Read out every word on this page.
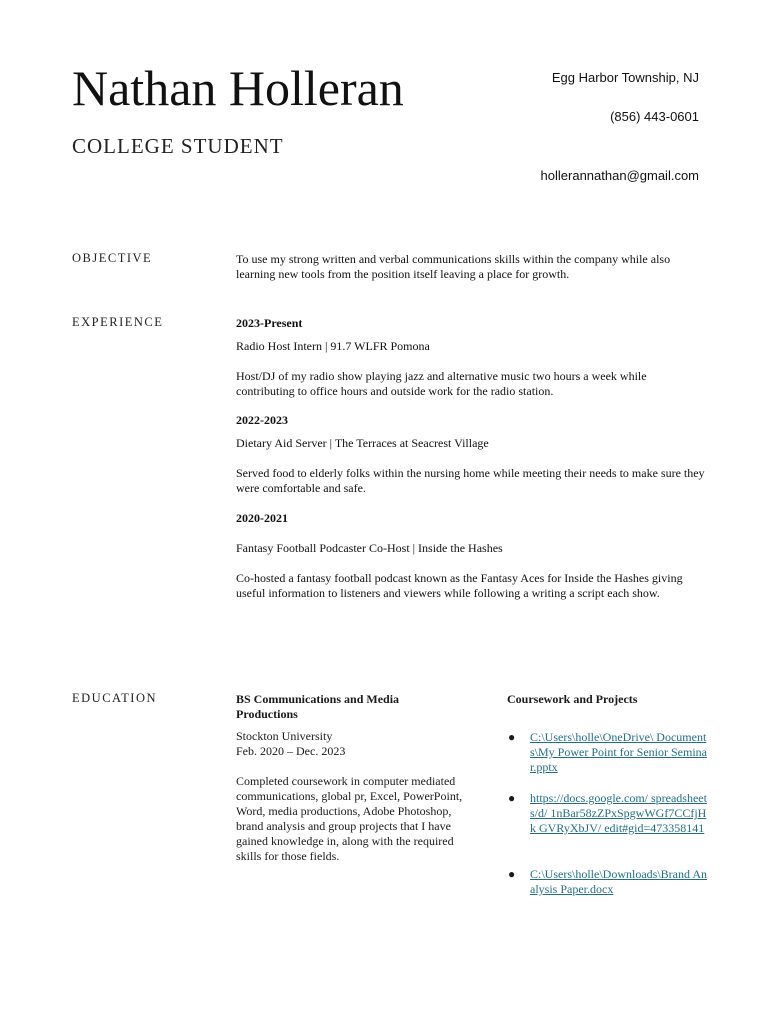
Nathan Holleran
COLLEGE STUDENT
Egg Harbor Township, NJ
(856) 443-0601
hollerannathan@gmail.com
OBJECTIVE	To use my strong written and verbal communications skills within the company while also learning new tools from the position itself leaving a place for growth.
EXPERIENCE	2023-Present
Radio Host Intern | 91.7 WLFR Pomona
Host/DJ of my radio show playing jazz and alternative music two hours a week while contributing to office hours and outside work for the radio station.
2022-2023
Dietary Aid Server | The Terraces at Seacrest Village
Served food to elderly folks within the nursing home while meeting their needs to make sure they were comfortable and safe.
2020-2021
Fantasy Football Podcaster Co-Host | Inside the Hashes
Co-hosted a fantasy football podcast known as the Fantasy Aces for Inside the Hashes giving useful information to listeners and viewers while following a writing a script each show.
EDUCATION	BS Communications and Media Productions
Stockton University
Feb. 2020 – Dec. 2023
Completed coursework in computer mediated communications, global pr, Excel, PowerPoint, Word, media productions, Adobe Photoshop, brand analysis and group projects that I have gained knowledge in, along with the required skills for those fields.
Coursework and Projects
● C:\Users\holle\OneDrive\ Documents\My Power Point for Senior Seminar.pptx
● https://docs.google.com/ spreadsheets/d/ 1nBar58zZPxSpgwWGf7CCfjHk GVRyXbJV/ edit#gid=473358141
● C:\Users\holle\Downloads\Brand Analysis Paper.docx
